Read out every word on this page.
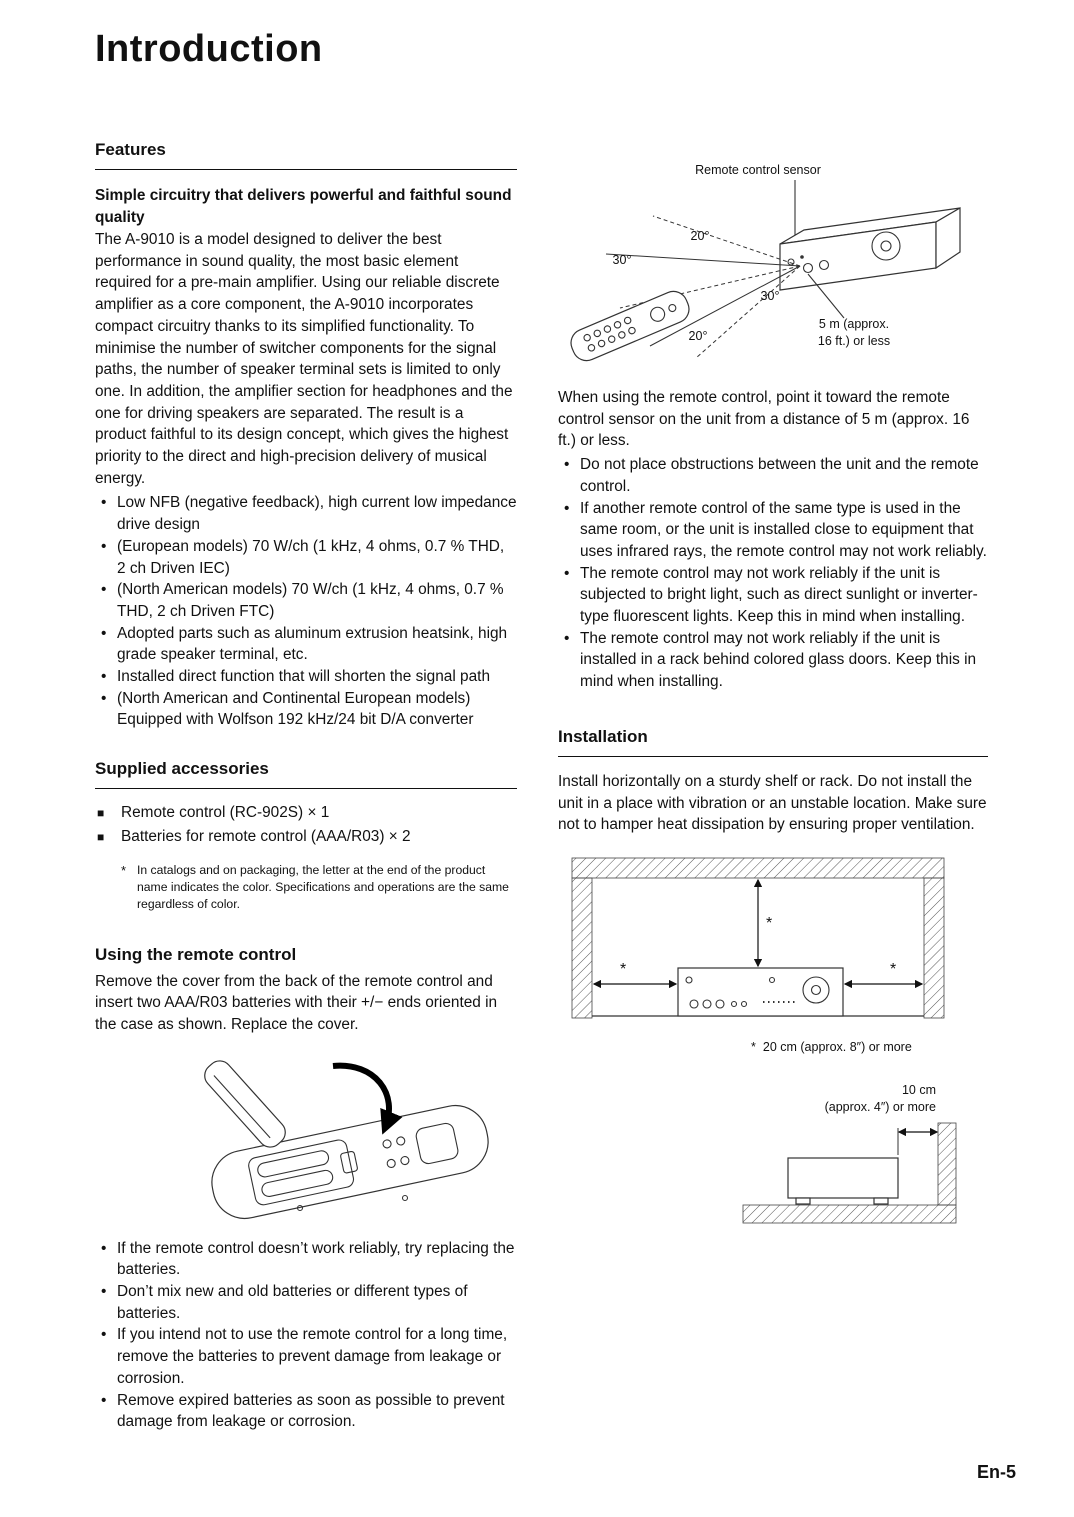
Introduction
Features
Simple circuitry that delivers powerful and faithful sound quality

The A-9010 is a model designed to deliver the best performance in sound quality, the most basic element required for a pre-main amplifier. Using our reliable discrete amplifier as a core component, the A-9010 incorporates compact circuitry thanks to its simplified functionality. To minimise the number of switcher components for the signal paths, the number of speaker terminal sets is limited to only one. In addition, the amplifier section for headphones and the one for driving speakers are separated. The result is a product faithful to its design concept, which gives the highest priority to the direct and high-precision delivery of musical energy.

• Low NFB (negative feedback), high current low impedance drive design
• (European models) 70 W/ch (1 kHz, 4 ohms, 0.7 % THD, 2 ch Driven IEC)
• (North American models) 70 W/ch (1 kHz, 4 ohms, 0.7 % THD, 2 ch Driven FTC)
• Adopted parts such as aluminum extrusion heatsink, high grade speaker terminal, etc.
• Installed direct function that will shorten the signal path
• (North American and Continental European models) Equipped with Wolfson 192 kHz/24 bit D/A converter
Supplied accessories
■	Remote control (RC-902S) × 1
■	Batteries for remote control (AAA/R03) × 2
* In catalogs and on packaging, the letter at the end of the product name indicates the color. Specifications and operations are the same regardless of color.
Using the remote control

Remove the cover from the back of the remote control and insert two AAA/R03 batteries with their +/− ends oriented in the case as shown. Replace the cover.

• If the remote control doesn’t work reliably, try replacing the batteries.
• Don’t mix new and old batteries or different types of batteries.
• If you intend not to use the remote control for a long time, remove the batteries to prevent damage from leakage or corrosion.
• Remove expired batteries as soon as possible to prevent damage from leakage or corrosion.
Remote control sensor
20°
30°
30°
20°
5 m (approx.
16 ft.) or less

When using the remote control, point it toward the remote control sensor on the unit from a distance of 5 m (approx. 16 ft.) or less.

• Do not place obstructions between the unit and the remote control.
• If another remote control of the same type is used in the same room, or the unit is installed close to equipment that uses infrared rays, the remote control may not work reliably.
• The remote control may not work reliably if the unit is subjected to bright light, such as direct sunlight or inverter-type fluorescent lights. Keep this in mind when installing.
• The remote control may not work reliably if the unit is installed in a rack behind colored glass doors. Keep this in mind when installing.
Installation

Install horizontally on a sturdy shelf or rack. Do not install the unit in a place with vibration or an unstable location. Make sure not to hamper heat dissipation by ensuring proper ventilation.

*
*	*
* 20 cm (approx. 8″) or more
10 cm
(approx. 4″) or more
En-5
